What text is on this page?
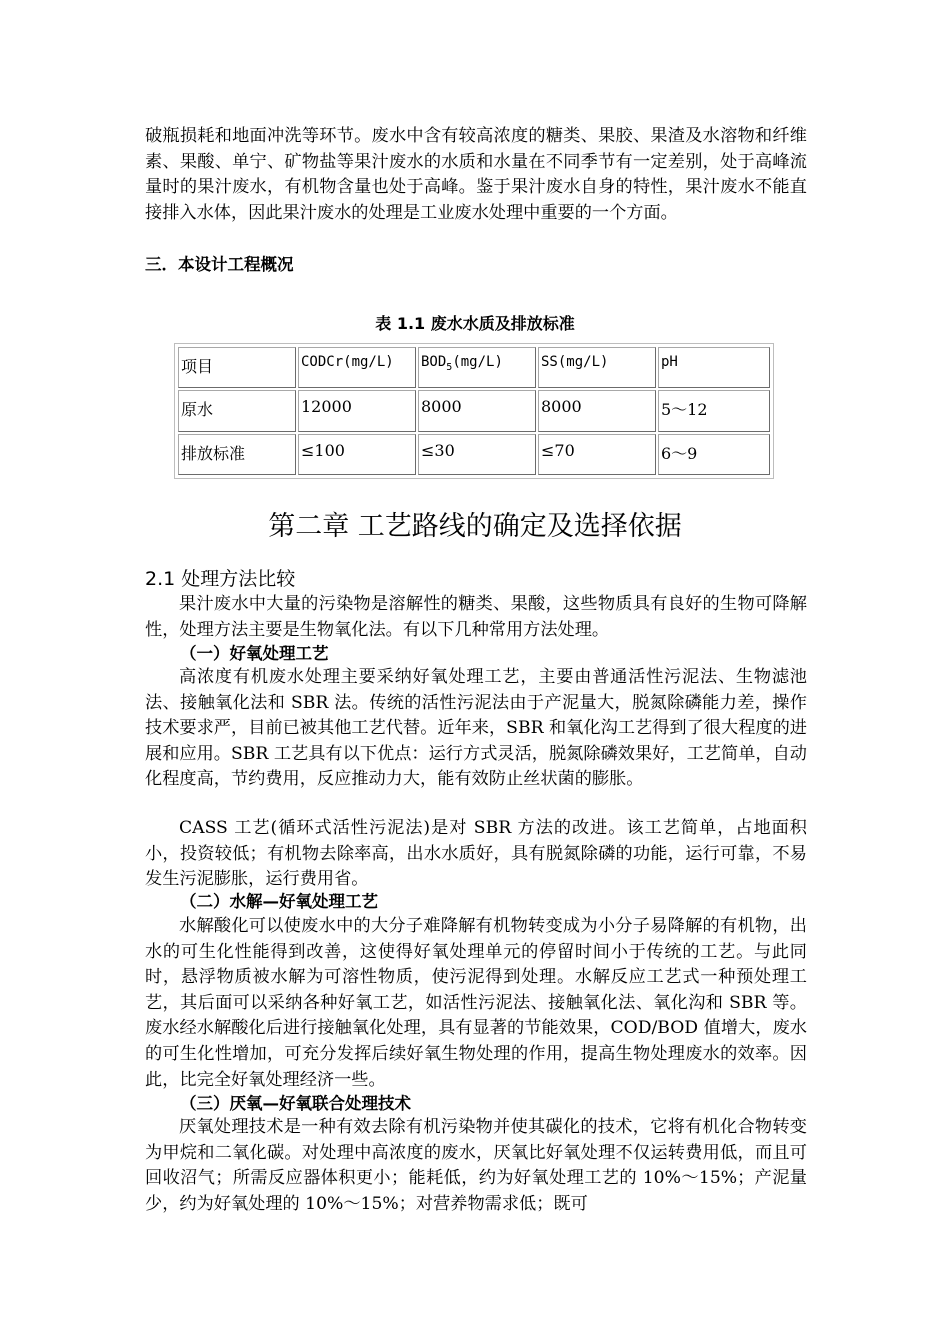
破瓶损耗和地面冲洗等环节。废水中含有较高浓度的糖类、果胶、果渣及水溶物和纤维素、果酸、单宁、矿物盐等果汁废水的水质和水量在不同季节有一定差别，处于高峰流量时的果汁废水，有机物含量也处于高峰。鉴于果汁废水自身的特性，果汁废水不能直接排入水体，因此果汁废水的处理是工业废水处理中重要的一个方面。

三．本设计工程概况

表 1.1 废水水质及排放标准
项目	CODCr(mg/L)	$BOD_5(mg/L)$	SS(mg/L)	pH
原水	12000	8000	8000	5～12
排放标准	≤100	≤30	≤70	6～9
第二章 工艺路线的确定及选择依据
2.1 处理方法比较

果汁废水中大量的污染物是溶解性的糖类、果酸，这些物质具有良好的生物可降解性，处理方法主要是生物氧化法。有以下几种常用方法处理。

（一）好氧处理工艺

高浓度有机废水处理主要采纳好氧处理工艺，主要由普通活性污泥法、生物滤池法、接触氧化法和 SBR 法。传统的活性污泥法由于产泥量大，脱氮除磷能力差，操作技术要求严，目前已被其他工艺代替。近年来，SBR 和氧化沟工艺得到了很大程度的进展和应用。SBR 工艺具有以下优点：运行方式灵活，脱氮除磷效果好，工艺简单，自动化程度高，节约费用，反应推动力大，能有效防止丝状菌的膨胀。

CASS 工艺(循环式活性污泥法)是对 SBR 方法的改进。该工艺简单，占地面积小，投资较低；有机物去除率高，出水水质好，具有脱氮除磷的功能，运行可靠，不易发生污泥膨胀，运行费用省。

（二）水解—好氧处理工艺

水解酸化可以使废水中的大分子难降解有机物转变成为小分子易降解的有机物，出水的可生化性能得到改善，这使得好氧处理单元的停留时间小于传统的工艺。与此同时，悬浮物质被水解为可溶性物质，使污泥得到处理。水解反应工艺式一种预处理工艺，其后面可以采纳各种好氧工艺，如活性污泥法、接触氧化法、氧化沟和 SBR 等。废水经水解酸化后进行接触氧化处理，具有显著的节能效果，COD/BOD 值增大，废水的可生化性增加，可充分发挥后续好氧生物处理的作用，提高生物处理废水的效率。因此，比完全好氧处理经济一些。

（三）厌氧—好氧联合处理技术

厌氧处理技术是一种有效去除有机污染物并使其碳化的技术，它将有机化合物转变为甲烷和二氧化碳。对处理中高浓度的废水，厌氧比好氧处理不仅运转费用低，而且可回收沼气；所需反应器体积更小；能耗低，约为好氧处理工艺的 10%～15%；产泥量少，约为好氧处理的 10%～15%；对营养物需求低；既可
